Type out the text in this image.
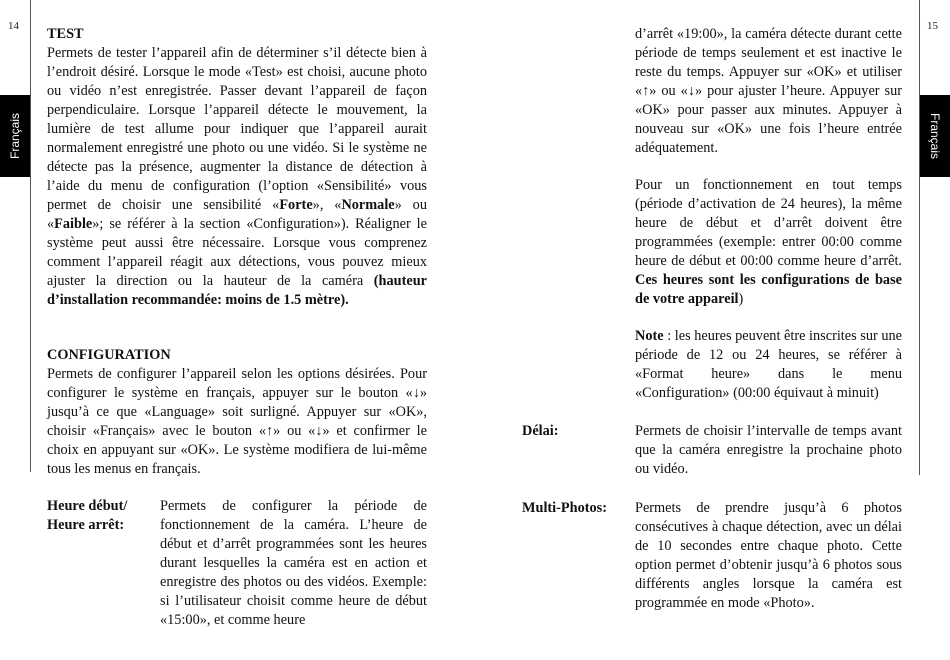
14
Français

TEST

Permets de tester l’appareil afin de déterminer s’il détecte bien à l’endroit désiré. Lorsque le mode «Test» est choisi, aucune photo ou vidéo n’est enregistrée. Passer devant l’appareil de façon perpendiculaire. Lorsque l’appareil détecte le mouvement, la lumière de test allume pour indiquer que l’appareil aurait normalement enregistré une photo ou une vidéo. Si le système ne détecte pas la présence, augmenter la distance de détection à l’aide du menu de configuration (l’option «Sensibilité» vous permet de choisir une sensibilité «Forte», «Normale» ou «Faible»; se référer à la section «Configuration»). Réaligner le système peut aussi être nécessaire. Lorsque vous comprenez comment l’appareil réagit aux détections, vous pouvez mieux ajuster la direction ou la hauteur de la caméra (hauteur d’installation recommandée: moins de 1.5 mètre).

CONFIGURATION

Permets de configurer l’appareil selon les options désirées. Pour configurer le système en français, appuyer sur le bouton «↓» jusqu’à ce que «Language» soit surligné. Appuyer sur «OK», choisir «Français» avec le bouton «↑» ou «↓» et confirmer le choix en appuyant sur «OK». Le système modifiera de lui-même tous les menus en français.

Heure début/

Heure arrêt:

Permets de configurer la période de fonctionnement de la caméra. L’heure de début et d’arrêt programmées sont les heures durant lesquelles la caméra est en action et enregistre des photos ou des vidéos. Exemple: si l’utilisateur choisit comme heure de début «15:00», et comme heure

15
Français

d’arrêt «19:00», la caméra détecte durant cette période de temps seulement et est inactive le reste du temps. Appuyer sur «OK» et utiliser «↑» ou «↓» pour ajuster l’heure. Appuyer sur «OK» pour passer aux minutes. Appuyer à nouveau sur «OK» une fois l’heure entrée adéquatement.

Pour un fonctionnement en tout temps (période d’activation de 24 heures), la même heure de début et d’arrêt doivent être programmées (exemple: entrer 00:00 comme heure de début et 00:00 comme heure d’arrêt. Ces heures sont les configurations de base de votre appareil)

Note : les heures peuvent être inscrites sur une période de 12 ou 24 heures, se référer à «Format heure» dans le menu «Configuration» (00:00 équivaut à minuit)

Délai:	Permets de choisir l’intervalle de temps avant que la caméra enregistre la prochaine photo ou vidéo.

Multi-Photos:	Permets de prendre jusqu’à 6 photos consécutives à chaque détection, avec un délai de 10 secondes entre chaque photo. Cette option permet d’obtenir jusqu’à 6 photos sous différents angles lorsque la caméra est programmée en mode «Photo».
